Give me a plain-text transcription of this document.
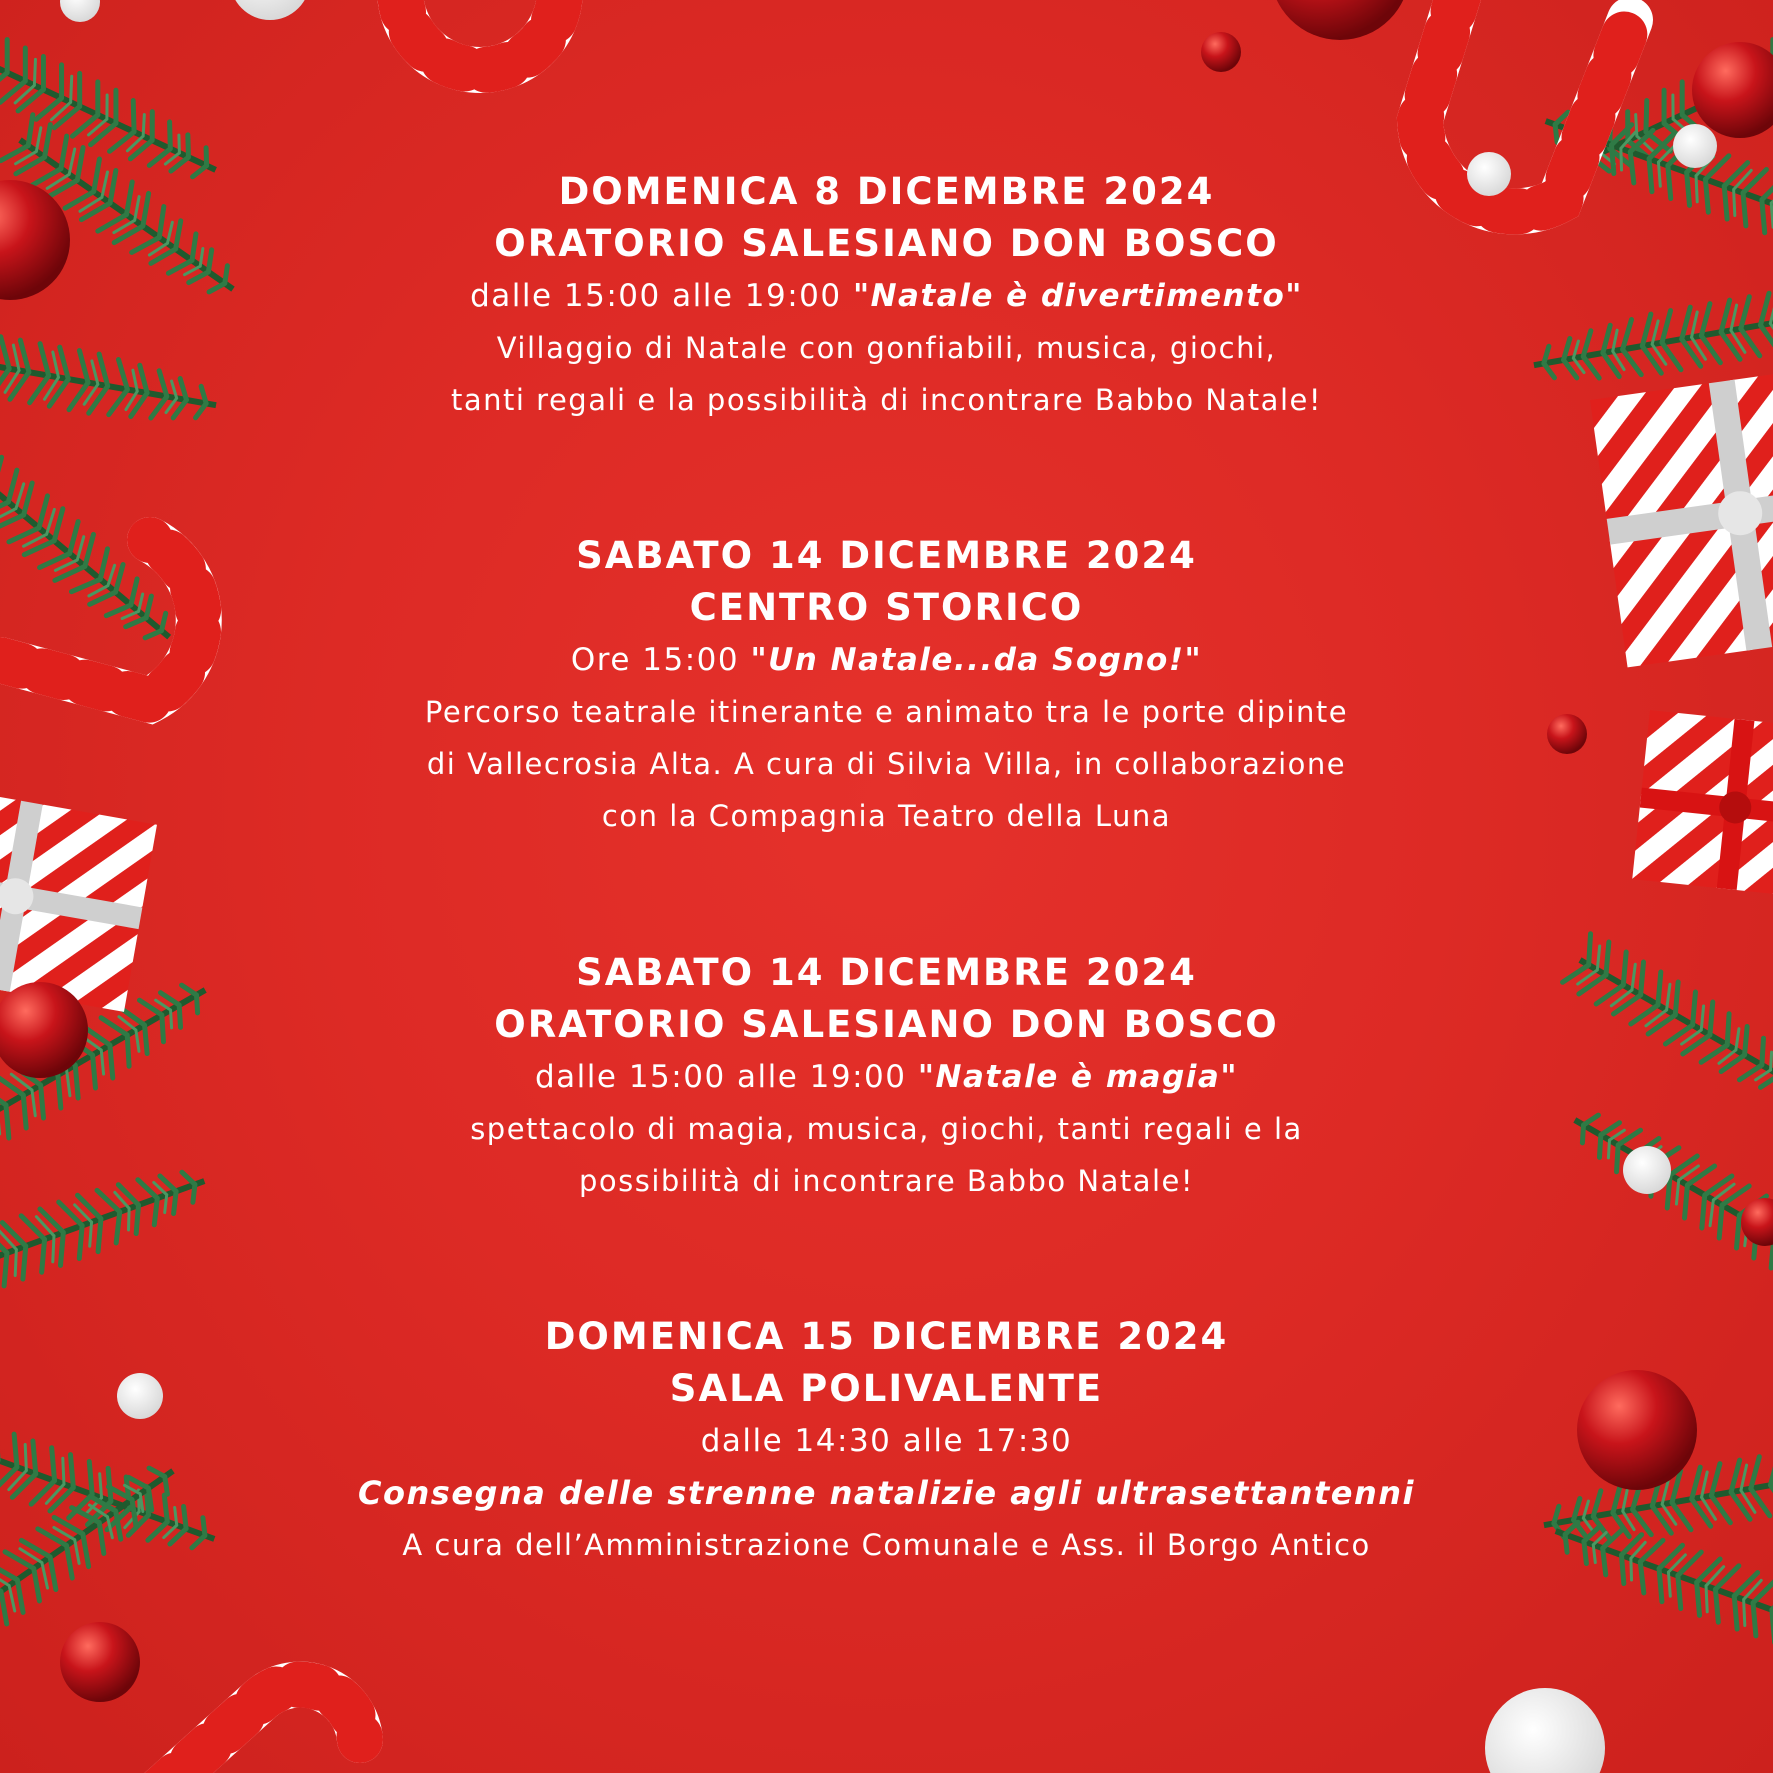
DOMENICA 8 DICEMBRE 2024
ORATORIO SALESIANO DON BOSCO
dalle 15:00 alle 19:00 "Natale è divertimento"
Villaggio di Natale con gonfiabili, musica, giochi,
tanti regali e la possibilità di incontrare Babbo Natale!
SABATO 14 DICEMBRE 2024
CENTRO STORICO
Ore 15:00 "Un Natale...da Sogno!"
Percorso teatrale itinerante e animato tra le porte dipinte
di Vallecrosia Alta. A cura di Silvia Villa, in collaborazione
con la Compagnia Teatro della Luna
SABATO 14 DICEMBRE 2024
ORATORIO SALESIANO DON BOSCO
dalle 15:00 alle 19:00 "Natale è magia"
spettacolo di magia, musica, giochi, tanti regali e la
possibilità di incontrare Babbo Natale!
DOMENICA 15 DICEMBRE 2024
SALA POLIVALENTE
dalle 14:30 alle 17:30
Consegna delle strenne natalizie agli ultrasettantenni
A cura dell’Amministrazione Comunale e Ass. il Borgo Antico
